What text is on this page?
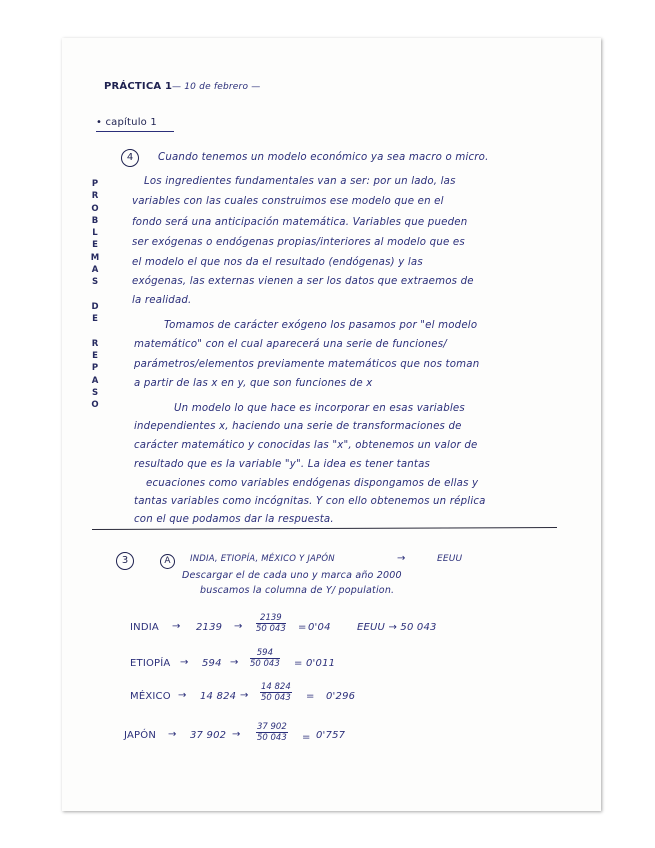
PRÁCTICA 1 — 10 de febrero —
• capítulo 1
P
R
O
B
L
E
M
A
S

D
E

R
E
P
A
S
O
4	Cuando tenemos un modelo económico ya sea macro o micro.
Los ingredientes fundamentales van a ser: por un lado, las
variables con las cuales construimos ese modelo que en el
fondo será una anticipación matemática. Variables que pueden
ser exógenas o endógenas propias/interiores al modelo que es
el modelo el que nos da el resultado (endógenas) y las
exógenas, las externas vienen a ser los datos que extraemos de
la realidad.
Tomamos de carácter exógeno los pasamos por "el modelo
matemático" con el cual aparecerá una serie de funciones/
parámetros/elementos previamente matemáticos que nos toman
a partir de las x en y, que son funciones de x
Un modelo lo que hace es incorporar en esas variables
independientes x, haciendo una serie de transformaciones de
carácter matemático y conocidas las "x", obtenemos un valor de
resultado que es la variable "y". La idea es tener tantas
ecuaciones como variables endógenas dispongamos de ellas y
tantas variables como incógnitas. Y con ello obtenemos un réplica
con el que podamos dar la respuesta.
3	A	INDIA, ETIOPÍA, MÉXICO Y JAPÓN	→	EEUU
Descargar el de cada uno y marca año 2000
buscamos la columna de Y/ population.
INDIA → $2139 \to \frac{2139}{50 043} = 0'04$	EEUU → 50 043
ETIOPÍA → $594 \to \frac{594}{50 043} = 0'011$
MÉXICO → 14 $824 \to \frac{14 824}{50 043} = 0'296$
JAPÓN → 37 $902 \to \frac{37 902}{50 043} = 0'757$
